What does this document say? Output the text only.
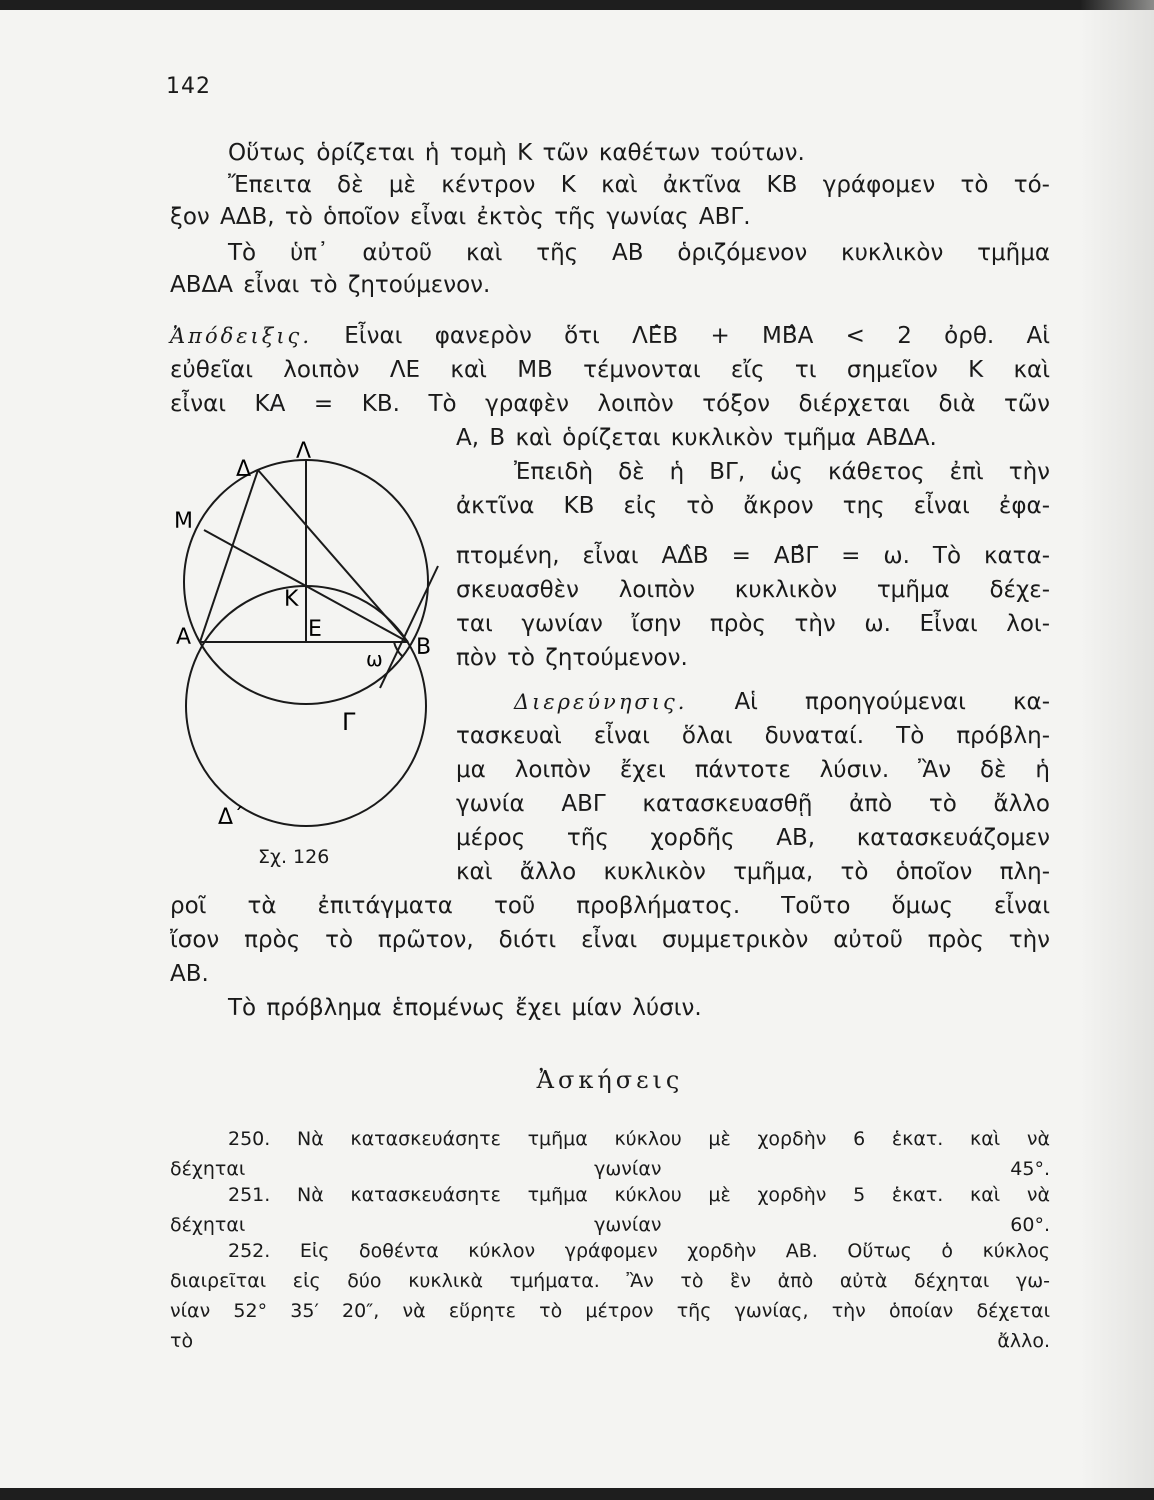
142
Οὕτως ὁρίζεται ἡ τομὴ Κ τῶν καθέτων τούτων.
Ἔπειτα δὲ μὲ κέντρον Κ καὶ ἀκτῖνα ΚΒ γράφομεν τὸ τό-
ξον ΑΔΒ, τὸ ὁποῖον εἶναι ἐκτὸς τῆς γωνίας ΑΒΓ.
Τὸ ὑπ᾽ αὐτοῦ καὶ τῆς ΑΒ ὁριζόμενον κυκλικὸν τμῆμα
ΑΒΔΑ εἶναι τὸ ζητούμενον.
Ἀπόδειξις. Εἶναι φανερὸν ὅτι ΛΕ̂Β + ΜΒ̂Α < 2 ὀρθ. Αἱ
εὐθεῖαι λοιπὸν ΛΕ καὶ ΜΒ τέμνονται εἴς τι σημεῖον Κ καὶ
εἶναι ΚΑ = ΚΒ. Τὸ γραφὲν λοιπὸν τόξον διέρχεται διὰ τῶν
Α, Β καὶ ὁρίζεται κυκλικὸν τμῆμα ΑΒΔΑ.
Ἐπειδὴ δὲ ἡ ΒΓ, ὡς κάθετος ἐπὶ τὴν
ἀκτῖνα ΚΒ εἰς τὸ ἄκρον της εἶναι ἐφα-
πτομένη, εἶναι ΑΔ̂Β = ΑΒ̂Γ = ω. Τὸ κατα-
σκευασθὲν λοιπὸν κυκλικὸν τμῆμα δέχε-
ται γωνίαν ἴσην πρὸς τὴν ω. Εἶναι λοι-
πὸν τὸ ζητούμενον.
Διερεύνησις. Αἱ προηγούμεναι κα-
τασκευαὶ εἶναι ὅλαι δυναταί. Τὸ πρόβλη-
μα λοιπὸν ἔχει πάντοτε λύσιν. Ἂν δὲ ἡ
γωνία ΑΒΓ κατασκευασθῇ ἀπὸ τὸ ἄλλο
μέρος τῆς χορδῆς ΑΒ, κατασκευάζομεν
καὶ ἄλλο κυκλικὸν τμῆμα, τὸ ὁποῖον πλη-
ροῖ τὰ ἐπιτάγματα τοῦ προβλήματος. Τοῦτο ὅμως εἶναι
ἴσον πρὸς τὸ πρῶτον, διότι εἶναι συμμετρικὸν αὐτοῦ πρὸς τὴν
ΑΒ.
Τὸ πρόβλημα ἑπομένως ἔχει μίαν λύσιν.
Δ
Λ
Μ
Κ
Ε
Α	Β
ω
Γ
Δ΄
Σχ. 126
Ἀσκήσεις
250. Νὰ κατασκευάσητε τμῆμα κύκλου μὲ χορδὴν 6 ἑκατ. καὶ νὰ
δέχηται γωνίαν 45°.
251. Νὰ κατασκευάσητε τμῆμα κύκλου μὲ χορδὴν 5 ἑκατ. καὶ νὰ
δέχηται γωνίαν 60°.
252. Εἰς δοθέντα κύκλον γράφομεν χορδὴν ΑΒ. Οὕτως ὁ κύκλος
διαιρεῖται εἰς δύο κυκλικὰ τμήματα. Ἂν τὸ ἓν ἀπὸ αὐτὰ δέχηται γω-
νίαν 52° 35′ 20″, νὰ εὕρητε τὸ μέτρον τῆς γωνίας, τὴν ὁποίαν δέχεται
τὸ ἄλλο.
